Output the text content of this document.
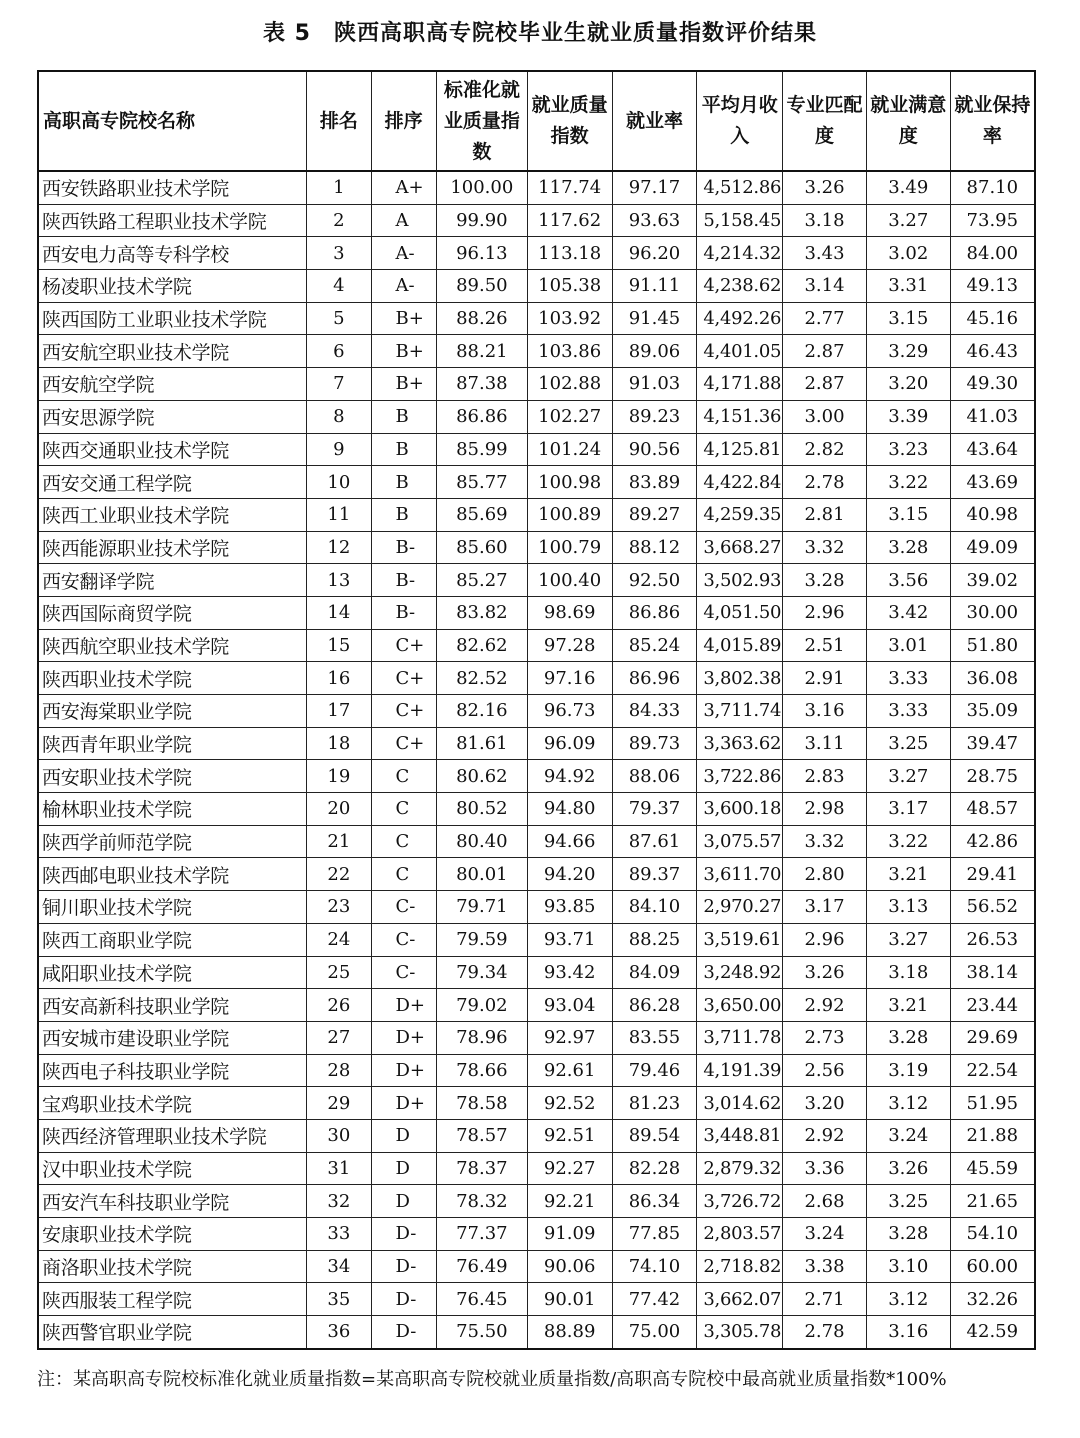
表 5　陕西高职高专院校毕业生就业质量指数评价结果
高职高专院校名称	排名	排序	标准化就业质量指数	就业质量指数	就业率	平均月收入	专业匹配度	就业满意度	就业保持率
西安铁路职业技术学院	1	A+	100.00	117.74	97.17	4,512.86	3.26	3.49	87.10
陕西铁路工程职业技术学院	2	A	99.90	117.62	93.63	5,158.45	3.18	3.27	73.95
西安电力高等专科学校	3	A-	96.13	113.18	96.20	4,214.32	3.43	3.02	84.00
杨凌职业技术学院	4	A-	89.50	105.38	91.11	4,238.62	3.14	3.31	49.13
陕西国防工业职业技术学院	5	B+	88.26	103.92	91.45	4,492.26	2.77	3.15	45.16
西安航空职业技术学院	6	B+	88.21	103.86	89.06	4,401.05	2.87	3.29	46.43
西安航空学院	7	B+	87.38	102.88	91.03	4,171.88	2.87	3.20	49.30
西安思源学院	8	B	86.86	102.27	89.23	4,151.36	3.00	3.39	41.03
陕西交通职业技术学院	9	B	85.99	101.24	90.56	4,125.81	2.82	3.23	43.64
西安交通工程学院	10	B	85.77	100.98	83.89	4,422.84	2.78	3.22	43.69
陕西工业职业技术学院	11	B	85.69	100.89	89.27	4,259.35	2.81	3.15	40.98
陕西能源职业技术学院	12	B-	85.60	100.79	88.12	3,668.27	3.32	3.28	49.09
西安翻译学院	13	B-	85.27	100.40	92.50	3,502.93	3.28	3.56	39.02
陕西国际商贸学院	14	B-	83.82	98.69	86.86	4,051.50	2.96	3.42	30.00
陕西航空职业技术学院	15	C+	82.62	97.28	85.24	4,015.89	2.51	3.01	51.80
陕西职业技术学院	16	C+	82.52	97.16	86.96	3,802.38	2.91	3.33	36.08
西安海棠职业学院	17	C+	82.16	96.73	84.33	3,711.74	3.16	3.33	35.09
陕西青年职业学院	18	C+	81.61	96.09	89.73	3,363.62	3.11	3.25	39.47
西安职业技术学院	19	C	80.62	94.92	88.06	3,722.86	2.83	3.27	28.75
榆林职业技术学院	20	C	80.52	94.80	79.37	3,600.18	2.98	3.17	48.57
陕西学前师范学院	21	C	80.40	94.66	87.61	3,075.57	3.32	3.22	42.86
陕西邮电职业技术学院	22	C	80.01	94.20	89.37	3,611.70	2.80	3.21	29.41
铜川职业技术学院	23	C-	79.71	93.85	84.10	2,970.27	3.17	3.13	56.52
陕西工商职业学院	24	C-	79.59	93.71	88.25	3,519.61	2.96	3.27	26.53
咸阳职业技术学院	25	C-	79.34	93.42	84.09	3,248.92	3.26	3.18	38.14
西安高新科技职业学院	26	D+	79.02	93.04	86.28	3,650.00	2.92	3.21	23.44
西安城市建设职业学院	27	D+	78.96	92.97	83.55	3,711.78	2.73	3.28	29.69
陕西电子科技职业学院	28	D+	78.66	92.61	79.46	4,191.39	2.56	3.19	22.54
宝鸡职业技术学院	29	D+	78.58	92.52	81.23	3,014.62	3.20	3.12	51.95
陕西经济管理职业技术学院	30	D	78.57	92.51	89.54	3,448.81	2.92	3.24	21.88
汉中职业技术学院	31	D	78.37	92.27	82.28	2,879.32	3.36	3.26	45.59
西安汽车科技职业学院	32	D	78.32	92.21	86.34	3,726.72	2.68	3.25	21.65
安康职业技术学院	33	D-	77.37	91.09	77.85	2,803.57	3.24	3.28	54.10
商洛职业技术学院	34	D-	76.49	90.06	74.10	2,718.82	3.38	3.10	60.00
陕西服装工程学院	35	D-	76.45	90.01	77.42	3,662.07	2.71	3.12	32.26
陕西警官职业学院	36	D-	75.50	88.89	75.00	3,305.78	2.78	3.16	42.59
注：某高职高专院校标准化就业质量指数=某高职高专院校就业质量指数/高职高专院校中最高就业质量指数*100%
